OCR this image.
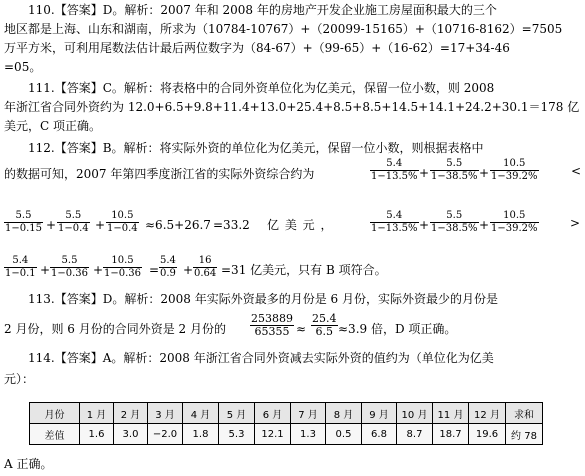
110.【答案】D。解析：2007 年和 2008 年的房地产开发企业施工房屋面积最大的三个
地区都是上海、山东和湖南，所求为（10784-10767）+（20099-15165）+（10716-8162）=7505
万平方米，可利用尾数法估计最后两位数字为（84-67）+（99-65）+（16-62）=17+34-46
=05。
111.【答案】C。解析：将表格中的合同外资单位化为亿美元，保留一位小数，则 2008
年浙江省合同外资约为 12.0+6.5+9.8+11.4+13.0+25.4+8.5+8.5+14.5+14.1+24.2+30.1＝178 亿
美元，C 项正确。
112.【答案】B。解析：将实际外资的单位化为亿美元，保留一位小数，则根据表格中
的数据可知，2007 年第四季度浙江省的实际外资综合约为	$\frac{5.4}{1-13.5\%} + \frac{5.5}{1-38.5\%} + \frac{10.5}{1-39.2\%}$	<
$\frac{5.5}{1-0.15} + \frac{5.5}{1-0.4} + \frac{10.5}{1-0.4} \approx 6.5+26.7 =33.2$ 亿 美 元 ，	$\frac{5.4}{1-13.5\%} + \frac{5.5}{1-38.5\%} + \frac{10.5}{1-39.2\%}$	>
$\frac{5.4}{1-0.1} + \frac{5.5}{1-0.36} + \frac{10.5}{1-0.36} = \frac{5.4}{0.9} + \frac{16}{0.64} =31$ 亿美元，只有 B 项符合。
113.【答案】D。解析：2008 年实际外资最多的月份是 6 月份，实际外资最少的月份是
2 月份，则 6 月份的合同外资是 2 月份的 $\frac{253889}{65355} \approx \frac{25.4}{6.5} \approx 3.9$ 倍，D 项正确。
114.【答案】A。解析：2008 年浙江省合同外资减去实际外资的值约为（单位化为亿美
元）：
月份	1 月	2 月	3 月	4 月	5 月	6 月	7 月	8 月	9 月	10 月	11 月	12 月	求和
差值	1.6	3.0	−2.0	1.8	5.3	12.1	1.3	0.5	6.8	8.7	18.7	19.6	约 78
A 正确。
